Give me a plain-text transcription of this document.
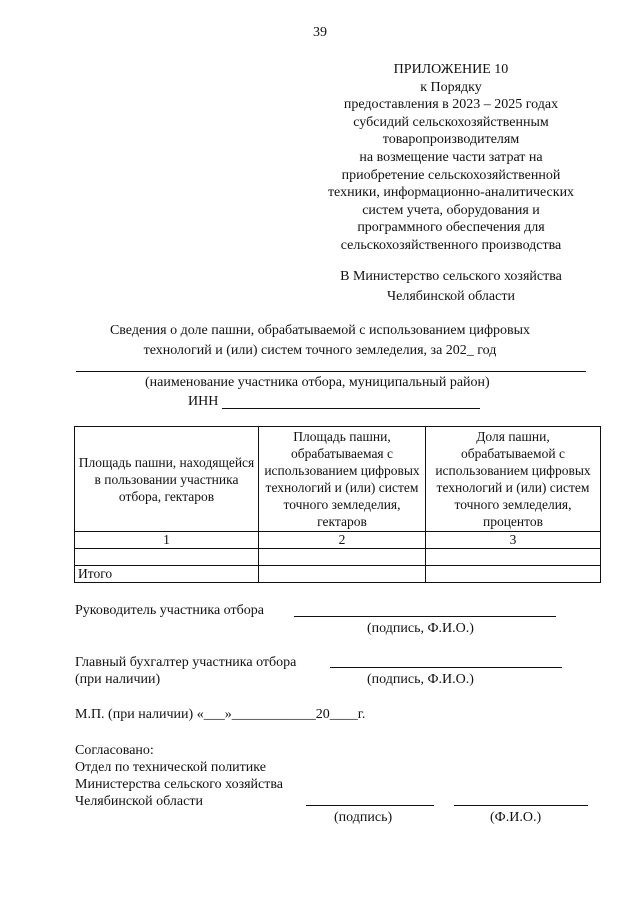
39
ПРИЛОЖЕНИЕ 10
к Порядку
предоставления в 2023 – 2025 годах
субсидий сельскохозяйственным
товаропроизводителям
на возмещение части затрат на
приобретение сельскохозяйственной
техники, информационно-аналитических
систем учета, оборудования и
программного обеспечения для
сельскохозяйственного производства
В Министерство сельского хозяйства
Челябинской области
Сведения о доле пашни, обрабатываемой с использованием цифровых
технологий и (или) систем точного земледелия, за 202_ год
(наименование участника отбора, муниципальный район)
ИНН
Площадь пашни, находящейся в пользовании участника отбора, гектаров	Площадь пашни, обрабатываемая с использованием цифровых технологий и (или) систем точного земледелия, гектаров	Доля пашни, обрабатываемой с использованием цифровых технологий и (или) систем точного земледелия, процентов
1	2	3

Итого		
Руководитель участника отбора
(подпись, Ф.И.О.)
Главный бухгалтер участника отбора
(при наличии)	(подпись, Ф.И.О.)
М.П. (при наличии) «___»____________20____г.
Согласовано:
Отдел по технической политике
Министерства сельского хозяйства
Челябинской области
(подпись)	(Ф.И.О.)
